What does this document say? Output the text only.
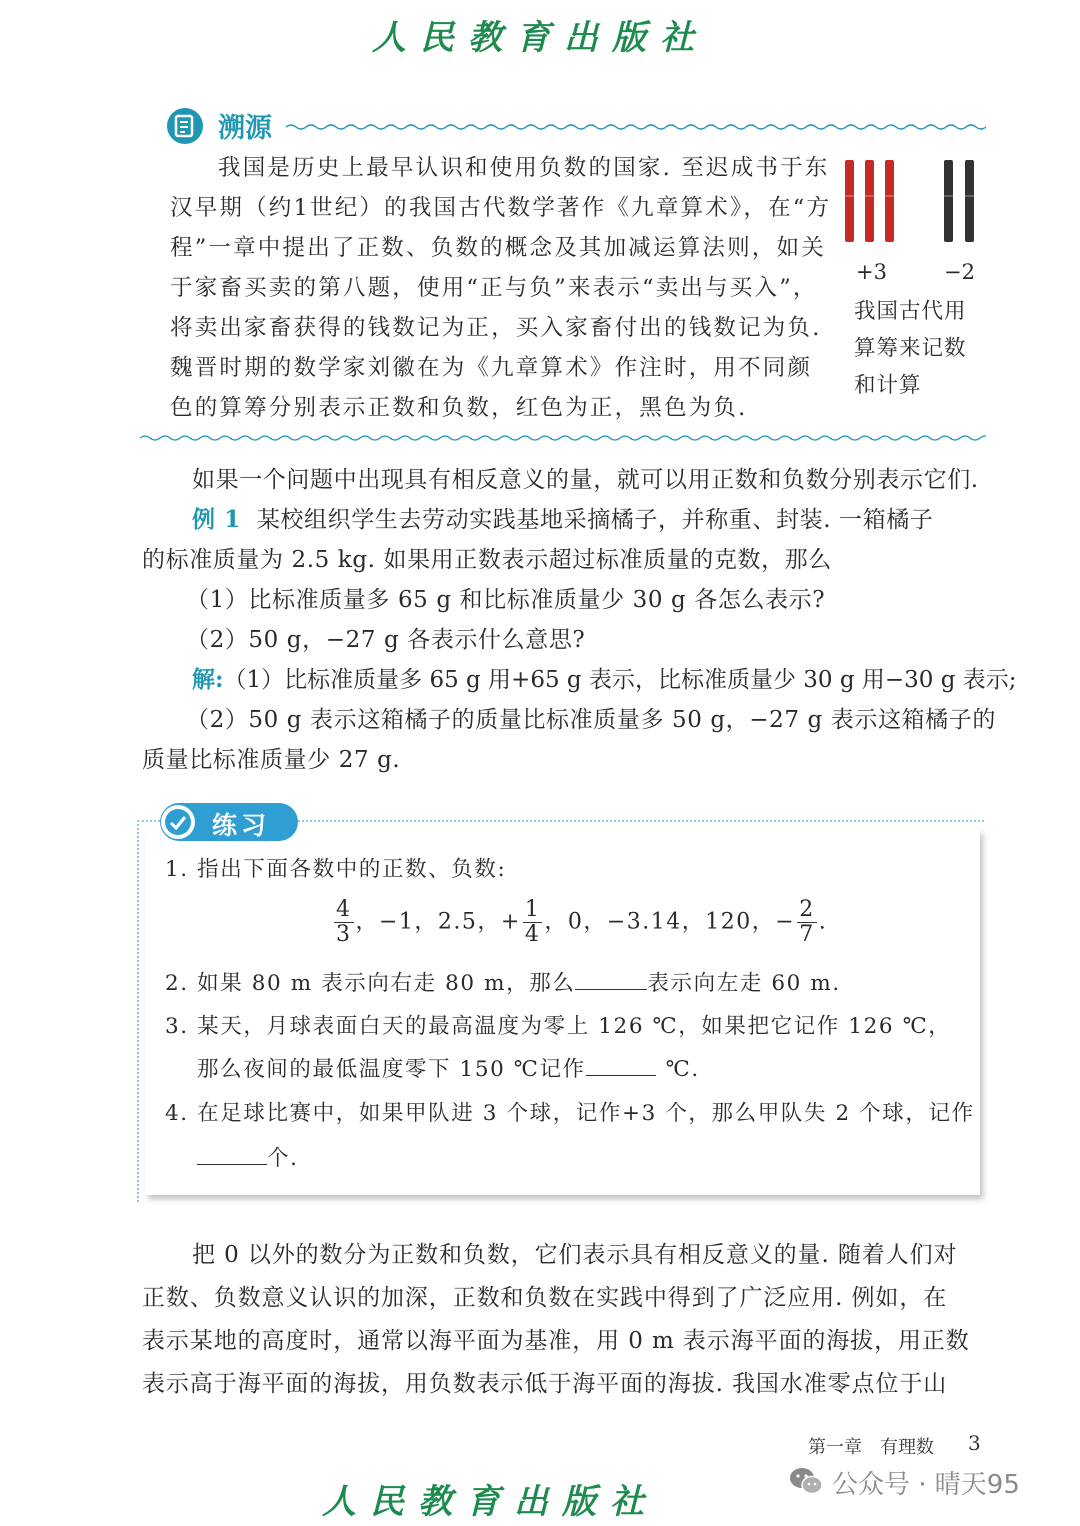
人民教育出版社
溯源
我国是历史上最早认识和使用负数的国家. 至迟成书于东
汉早期（约1世纪）的我国古代数学著作《九章算术》，在“方
程”一章中提出了正数、负数的概念及其加减运算法则，如关
于家畜买卖的第八题，使用“正与负”来表示“卖出与买入”，
将卖出家畜获得的钱数记为正，买入家畜付出的钱数记为负.
魏晋时期的数学家刘徽在为《九章算术》作注时，用不同颜
色的算筹分别表示正数和负数，红色为正，黑色为负.
+3	−2
我国古代用
算筹来记数
和计算
如果一个问题中出现具有相反意义的量，就可以用正数和负数分别表示它们.
例 1 某校组织学生去劳动实践基地采摘橘子，并称重、封装. 一箱橘子
的标准质量为 2.5 kg. 如果用正数表示超过标准质量的克数，那么
（1）比标准质量多 65 g 和比标准质量少 30 g 各怎么表示?
（2）50 g，−27 g 各表示什么意思?
解:（1）比标准质量多 65 g 用+65 g 表示，比标准质量少 30 g 用−30 g 表示;
（2）50 g 表示这箱橘子的质量比标准质量多 50 g，−27 g 表示这箱橘子的
质量比标准质量少 27 g.
练习
1. 指出下面各数中的正数、负数:
$\frac{4}{3}$ ，−1，2.5，+ $\frac{1}{4}$ ，0，−3.14，120，− $\frac{2}{7}$ .
2. 如果 80 m 表示向右走 80 m，那么	表示向左走 60 m.
3. 某天，月球表面白天的最高温度为零上 126 ℃，如果把它记作 126 ℃，
那么夜间的最低温度零下 150 ℃记作	℃.
4. 在足球比赛中，如果甲队进 3 个球，记作+3 个，那么甲队失 2 个球，记作
个.
把 0 以外的数分为正数和负数，它们表示具有相反意义的量. 随着人们对
正数、负数意义认识的加深，正数和负数在实践中得到了广泛应用. 例如，在
表示某地的高度时，通常以海平面为基准，用 0 m 表示海平面的海拔，用正数
表示高于海平面的海拔，用负数表示低于海平面的海拔. 我国水准零点位于山
第一章　有理数 3
公众号 · 晴天95
人民教育出版社
